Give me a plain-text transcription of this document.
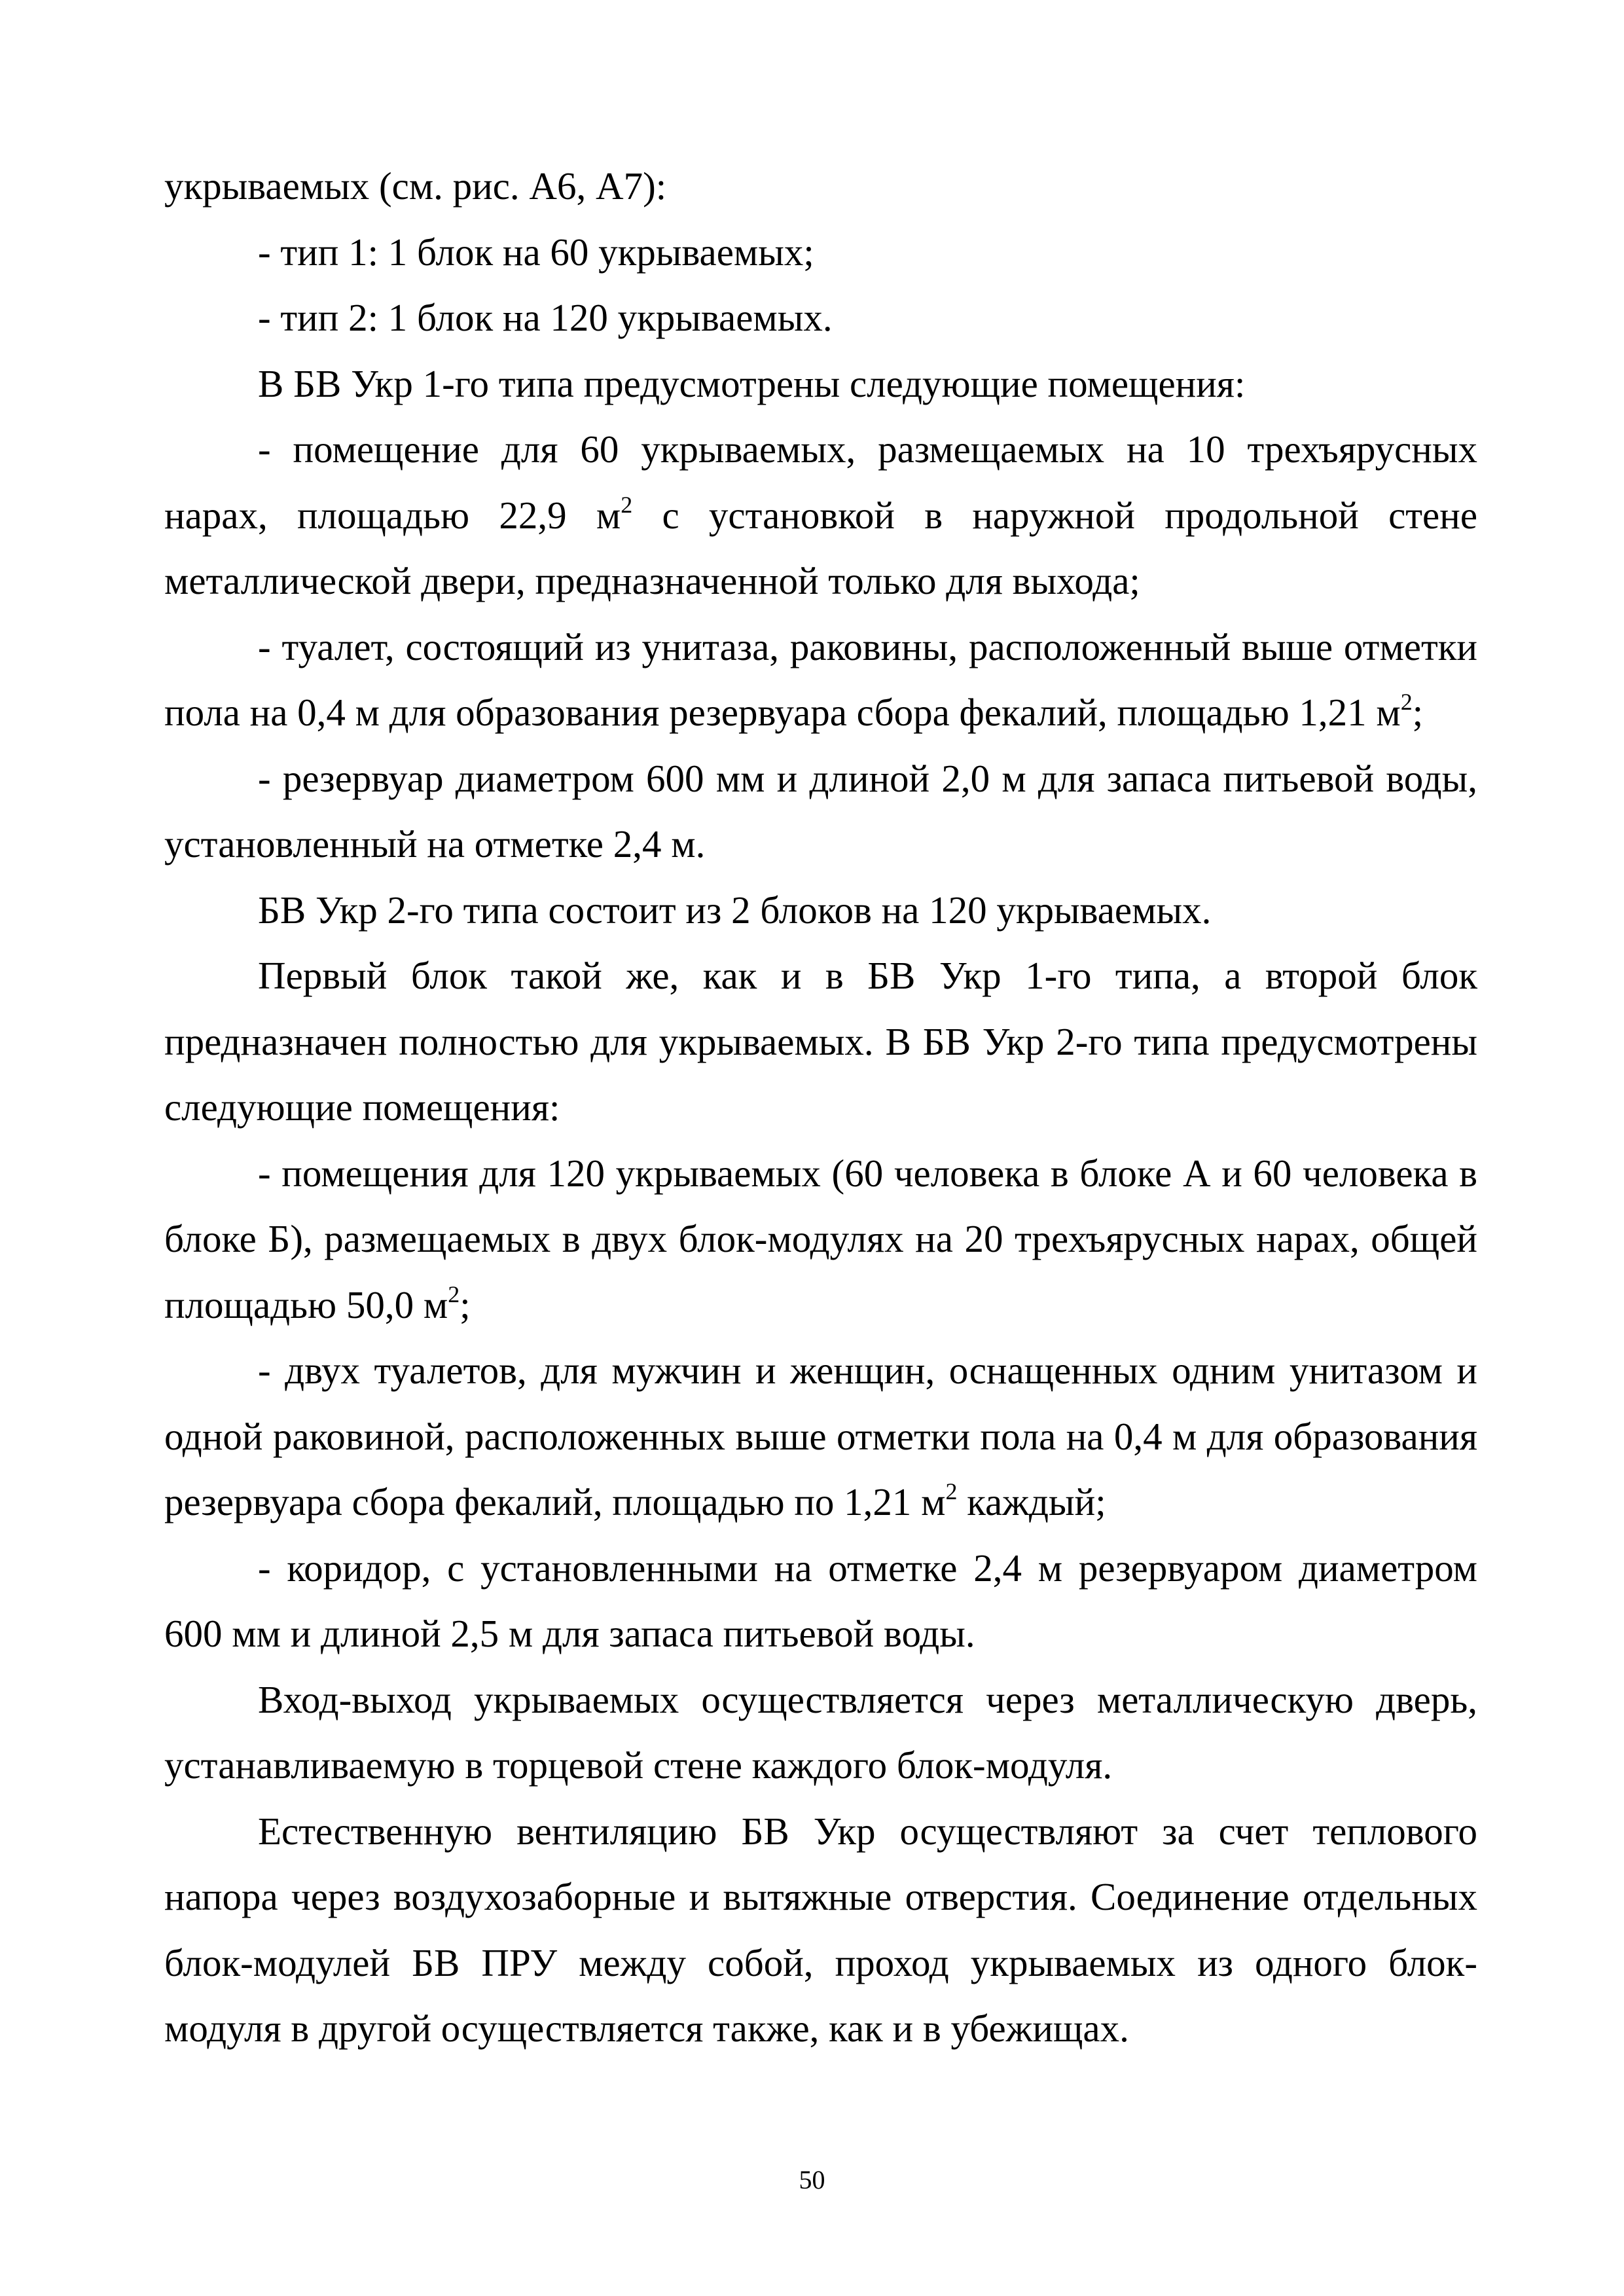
укрываемых (см. рис. А6, А7):
- тип 1: 1 блок на 60 укрываемых;
- тип 2: 1 блок на 120 укрываемых.
В БВ Укр 1-го типа предусмотрены следующие помещения:
- помещение для 60 укрываемых, размещаемых на 10 трехъярусных
нарах, площадью 22,9 $м^2$ с установкой в наружной продольной стене
металлической двери, предназначенной только для выхода;
- туалет, состоящий из унитаза, раковины, расположенный выше отметки
пола на 0,4 м для образования резервуара сбора фекалий, площадью 1,21 $м^2$;
- резервуар диаметром 600 мм и длиной 2,0 м для запаса питьевой воды,
установленный на отметке 2,4 м.
БВ Укр 2-го типа состоит из 2 блоков на 120 укрываемых.
Первый блок такой же, как и в БВ Укр 1-го типа, а второй блок
предназначен полностью для укрываемых. В БВ Укр 2-го типа предусмотрены
следующие помещения:
- помещения для 120 укрываемых (60 человека в блоке А и 60 человека в
блоке Б), размещаемых в двух блок-модулях на 20 трехъярусных нарах, общей
площадью 50,0 $м^2$;
- двух туалетов, для мужчин и женщин, оснащенных одним унитазом и
одной раковиной, расположенных выше отметки пола на 0,4 м для образования
резервуара сбора фекалий, площадью по 1,21 $м^2$ каждый;
- коридор, с установленными на отметке 2,4 м резервуаром диаметром
600 мм и длиной 2,5 м для запаса питьевой воды.
Вход-выход укрываемых осуществляется через металлическую дверь,
устанавливаемую в торцевой стене каждого блок-модуля.
Естественную вентиляцию БВ Укр осуществляют за счет теплового
напора через воздухозаборные и вытяжные отверстия. Соединение отдельных
блок-модулей БВ ПРУ между собой, проход укрываемых из одного блок-
модуля в другой осуществляется также, как и в убежищах.
50
